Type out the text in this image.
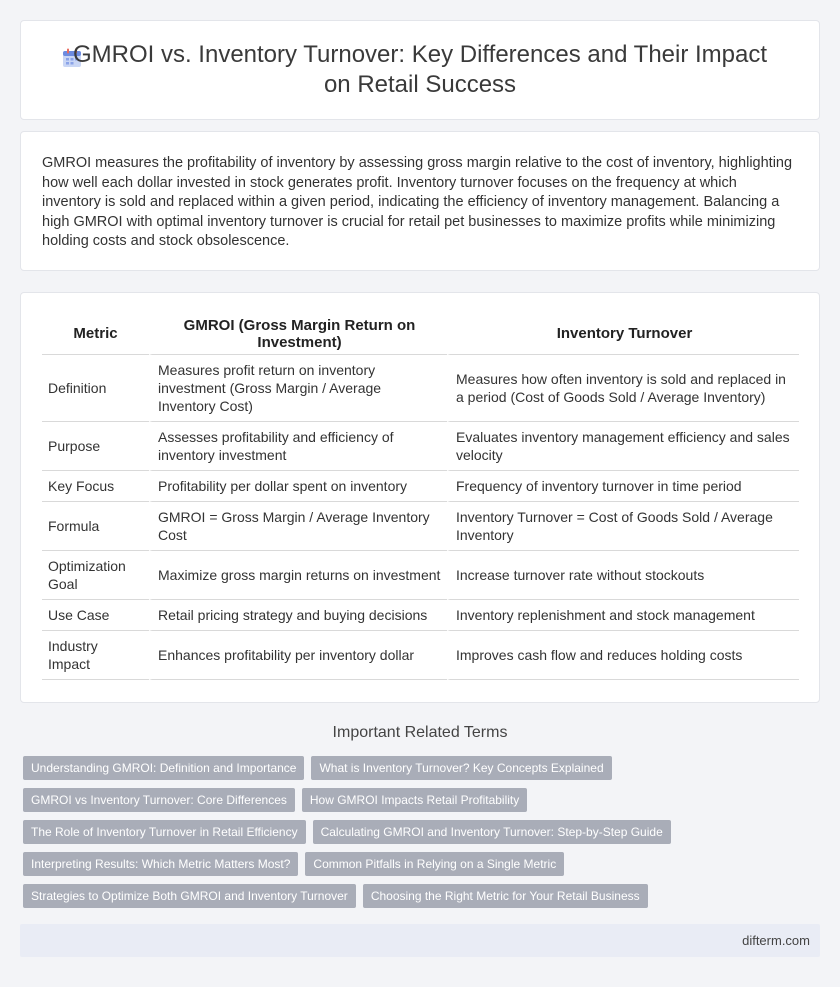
GMROI vs. Inventory Turnover: Key Differences and Their Impact on Retail Success

GMROI measures the profitability of inventory by assessing gross margin relative to the cost of inventory, highlighting how well each dollar invested in stock generates profit. Inventory turnover focuses on the frequency at which inventory is sold and replaced within a given period, indicating the efficiency of inventory management. Balancing a high GMROI with optimal inventory turnover is crucial for retail pet businesses to maximize profits while minimizing holding costs and stock obsolescence.

Metric	GMROI (Gross Margin Return on Investment)	Inventory Turnover
Definition	Measures profit return on inventory investment (Gross Margin / Average Inventory Cost)	Measures how often inventory is sold and replaced in a period (Cost of Goods Sold / Average Inventory)
Purpose	Assesses profitability and efficiency of inventory investment	Evaluates inventory management efficiency and sales velocity
Key Focus	Profitability per dollar spent on inventory	Frequency of inventory turnover in time period
Formula	GMROI = Gross Margin / Average Inventory Cost	Inventory Turnover = Cost of Goods Sold / Average Inventory
Optimization Goal	Maximize gross margin returns on investment	Increase turnover rate without stockouts
Use Case	Retail pricing strategy and buying decisions	Inventory replenishment and stock management
Industry Impact	Enhances profitability per inventory dollar	Improves cash flow and reduces holding costs
Important Related Terms
Understanding GMROI: Definition and Importance	What is Inventory Turnover? Key Concepts Explained
GMROI vs Inventory Turnover: Core Differences	How GMROI Impacts Retail Profitability
The Role of Inventory Turnover in Retail Efficiency	Calculating GMROI and Inventory Turnover: Step-by-Step Guide
Interpreting Results: Which Metric Matters Most?	Common Pitfalls in Relying on a Single Metric
Strategies to Optimize Both GMROI and Inventory Turnover	Choosing the Right Metric for Your Retail Business
difterm.com
